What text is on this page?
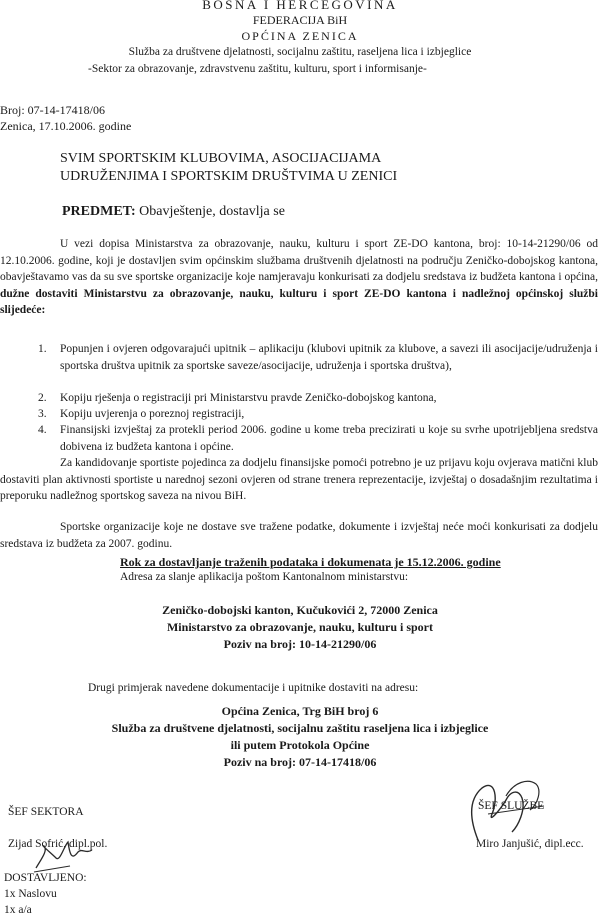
BOSNA I HERCEGOVINA
FEDERACIJA BiH
OPĆINA ZENICA
Služba za društvene djelatnosti, socijalnu zaštitu, raseljena lica i izbjeglice
-Sektor za obrazovanje, zdravstvenu zaštitu, kulturu, sport i informisanje-
Broj: 07-14-17418/06
Zenica, 17.10.2006. godine
SVIM SPORTSKIM KLUBOVIMA, ASOCIJACIJAMA
UDRUŽENJIMA I SPORTSKIM DRUŠTVIMA U ZENICI
PREDMET: Obavještenje, dostavlja se
U vezi dopisa Ministarstva za obrazovanje, nauku, kulturu i sport ZE-DO kantona, broj: 10-14-21290/06 od 12.10.2006. godine, koji je dostavljen svim općinskim službama društvenih djelatnosti na području Zeničko-dobojskog kantona, obavještavamo vas da su sve sportske organizacije koje namjeravaju konkurisati za dodjelu sredstava iz budžeta kantona i općina, dužne dostaviti Ministarstvu za obrazovanje, nauku, kulturu i sport ZE-DO kantona i nadležnoj općinskoj službi slijedeće:
1. Popunjen i ovjeren odgovarajući upitnik – aplikaciju (klubovi upitnik za klubove, a savezi ili asocijacije/udruženja i sportska društva upitnik za sportske saveze/asocijacije, udruženja i sportska društva),
2. Kopiju rješenja o registraciji pri Ministarstvu pravde Zeničko-dobojskog kantona,
3. Kopiju uvjerenja o poreznoj registraciji,
4. Finansijski izvještaj za protekli period 2006. godine u kome treba precizirati u koje su svrhe upotrijebljena sredstva dobivena iz budžeta kantona i općine.
Za kandidovanje sportiste pojedinca za dodjelu finansijske pomoći potrebno je uz prijavu koju ovjerava matični klub dostaviti plan aktivnosti sportiste u narednoj sezoni ovjeren od strane trenera reprezentacije, izvještaj o dosadašnjim rezultatima i preporuku nadležnog sportskog saveza na nivou BiH.
Sportske organizacije koje ne dostave sve tražene podatke, dokumente i izvještaj neće moći konkurisati za dodjelu sredstava iz budžeta za 2007. godinu.
Rok za dostavljanje traženih podataka i dokumenata je 15.12.2006. godine
Adresa za slanje aplikacija poštom Kantonalnom ministarstvu:
Zeničko-dobojski kanton, Kučukovići 2, 72000 Zenica
Ministarstvo za obrazovanje, nauku, kulturu i sport
Poziv na broj: 10-14-21290/06
Drugi primjerak navedene dokumentacije i upitnike dostaviti na adresu:
Općina Zenica, Trg BiH broj 6
Služba za društvene djelatnosti, socijalnu zaštitu raseljena lica i izbjeglice
ili putem Protokola Općine
Poziv na broj: 07-14-17418/06
ŠEF SEKTORA
Zijad Sofrić, dipl.pol.
ŠEF SLUŽBE
Miro Janjušić, dipl.ecc.
DOSTAVLJENO:
1x Naslovu
1x a/a
